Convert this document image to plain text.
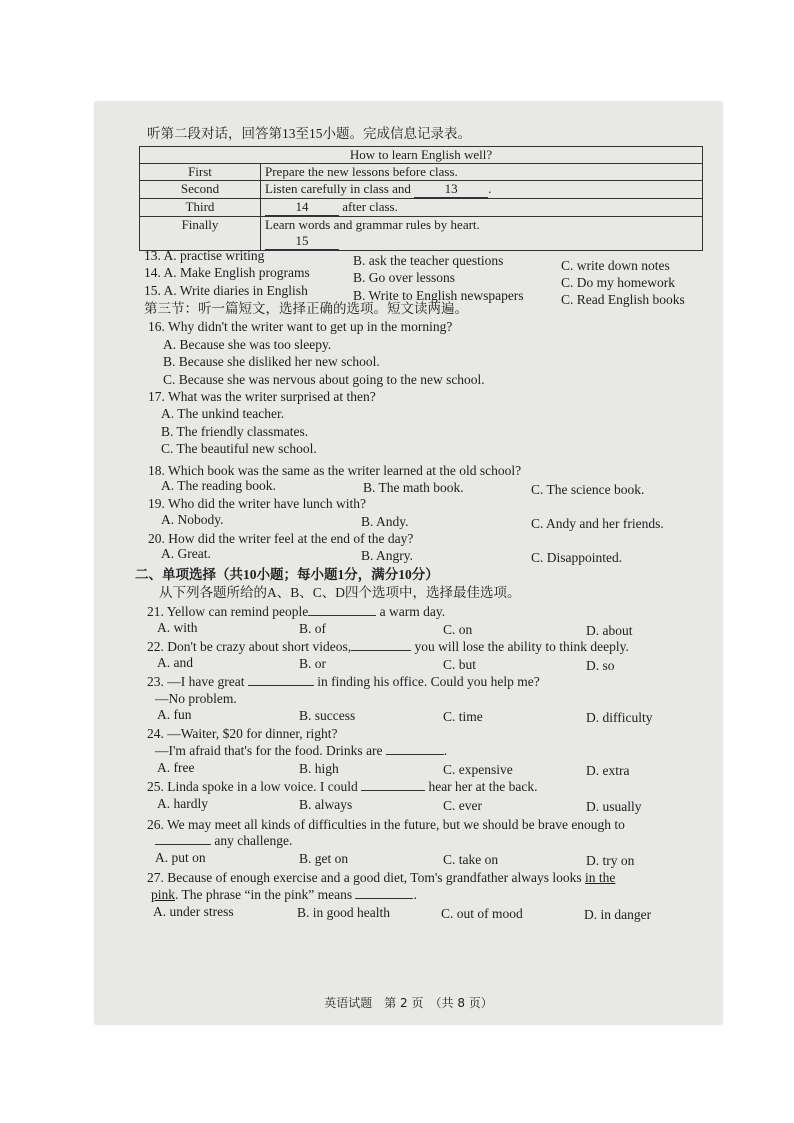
听第二段对话，回答第13至15小题。完成信息记录表。
How to learn English well?	
First	Prepare the new lessons before class.
Second	Listen carefully in class and 13 .
Third	14 after class.
Finally	Learn words and grammar rules by heart.
15
13. A. practise writing	B. ask the teacher questions	C. write down notes
14. A. Make English programs	B. Go over lessons	C. Do my homework
15. A. Write diaries in English	B. Write to English newspapers	C. Read English books
第三节：听一篇短文，选择正确的选项。短文读两遍。
16. Why didn't the writer want to get up in the morning?
A. Because she was too sleepy.
B. Because she disliked her new school.
C. Because she was nervous about going to the new school.
17. What was the writer surprised at then?
A. The unkind teacher.
B. The friendly classmates.
C. The beautiful new school.
18. Which book was the same as the writer learned at the old school?
A. The reading book.	B. The math book.	C. The science book.
19. Who did the writer have lunch with?
A. Nobody.	B. Andy.	C. Andy and her friends.
20. How did the writer feel at the end of the day?
A. Great.	B. Angry.	C. Disappointed.
二、单项选择（共10小题；每小题1分，满分10分）
从下列各题所给的A、B、C、D四个选项中，选择最佳选项。
21. Yellow can remind people	a warm day.
A. with	B. of	C. on	D. about
22. Don't be crazy about short videos,	you will lose the ability to think deeply.
A. and	B. or	C. but	D. so
23. —I have great	in finding his office. Could you help me?
—No problem.
A. fun	B. success	C. time	D. difficulty
24. —Waiter, $20 for dinner, right?
—I'm afraid that's for the food. Drinks are	.
A. free	B. high	C. expensive	D. extra
25. Linda spoke in a low voice. I could	hear her at the back.
A. hardly	B. always	C. ever	D. usually
26. We may meet all kinds of difficulties in the future, but we should be brave enough to
any challenge.
A. put on	B. get on	C. take on	D. try on
27. Because of enough exercise and a good diet, Tom's grandfather always looks in the
pink. The phrase “in the pink” means	.
A. under stress	B. in good health	C. out of mood	D. in danger
英语试题　第 2 页　（共 8 页）
